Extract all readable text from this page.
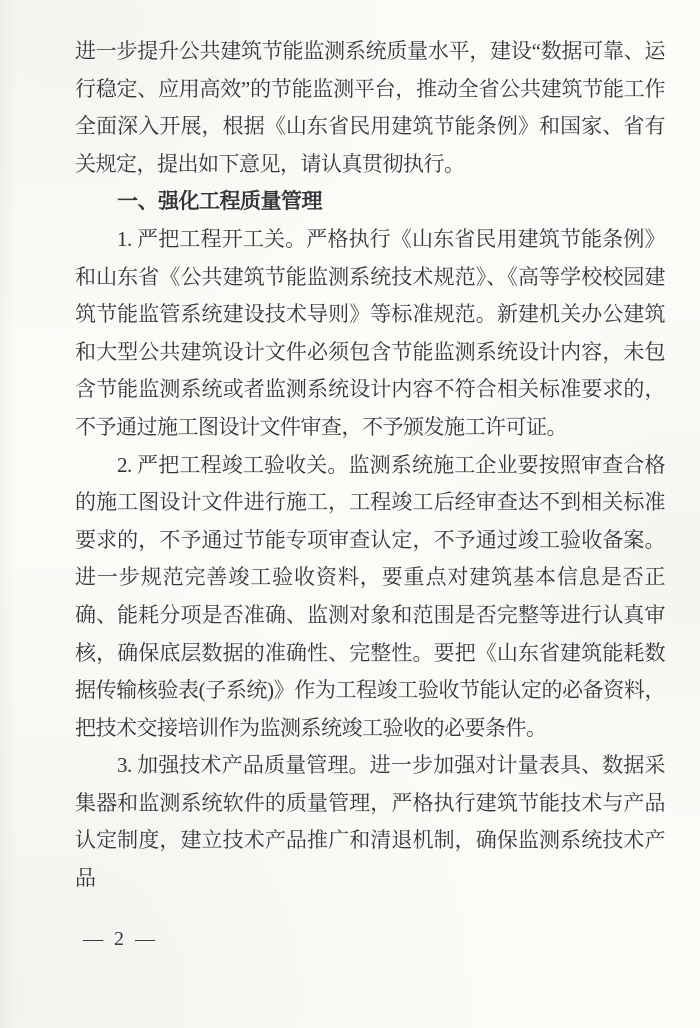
进一步提升公共建筑节能监测系统质量水平，建设“数据可靠、运行稳定、应用高效”的节能监测平台，推动全省公共建筑节能工作全面深入开展，根据《山东省民用建筑节能条例》和国家、省有关规定，提出如下意见，请认真贯彻执行。

一、强化工程质量管理

1. 严把工程开工关。严格执行《山东省民用建筑节能条例》和山东省《公共建筑节能监测系统技术规范》、《高等学校校园建筑节能监管系统建设技术导则》等标准规范。新建机关办公建筑和大型公共建筑设计文件必须包含节能监测系统设计内容，未包含节能监测系统或者监测系统设计内容不符合相关标准要求的，不予通过施工图设计文件审查，不予颁发施工许可证。

2. 严把工程竣工验收关。监测系统施工企业要按照审查合格的施工图设计文件进行施工，工程竣工后经审查达不到相关标准要求的，不予通过节能专项审查认定，不予通过竣工验收备案。进一步规范完善竣工验收资料，要重点对建筑基本信息是否正确、能耗分项是否准确、监测对象和范围是否完整等进行认真审核，确保底层数据的准确性、完整性。要把《山东省建筑能耗数据传输核验表(子系统)》作为工程竣工验收节能认定的必备资料，把技术交接培训作为监测系统竣工验收的必要条件。

3. 加强技术产品质量管理。进一步加强对计量表具、数据采集器和监测系统软件的质量管理，严格执行建筑节能技术与产品认定制度，建立技术产品推广和清退机制，确保监测系统技术产品

— 2 —
